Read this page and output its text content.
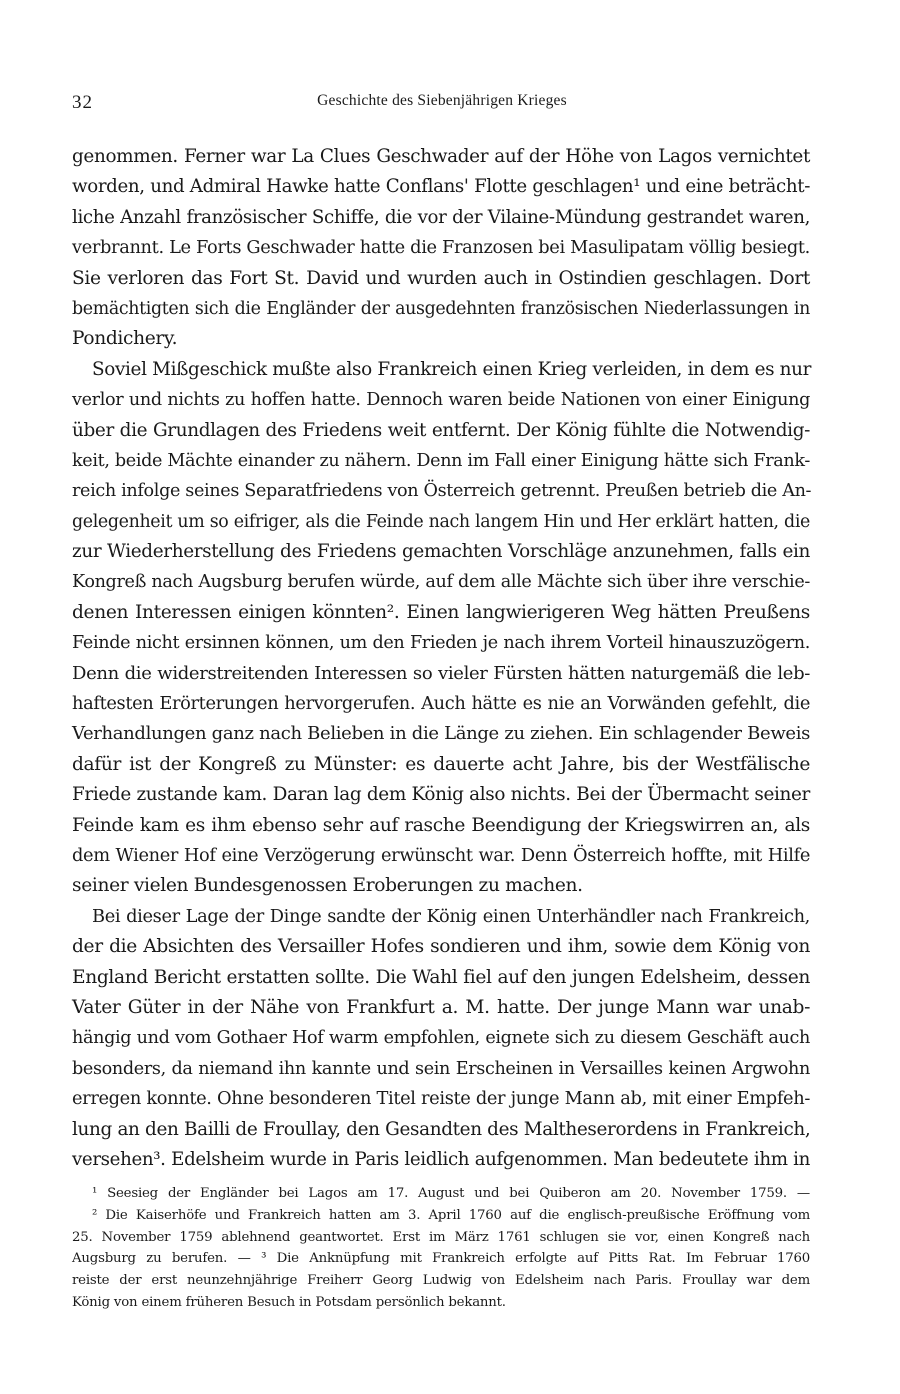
32	Geschichte des Siebenjährigen Krieges
genommen. Ferner war La Clues Geschwader auf der Höhe von Lagos vernichtet
worden, und Admiral Hawke hatte Conflans' Flotte geschlagen¹ und eine beträcht-
liche Anzahl französischer Schiffe, die vor der Vilaine-Mündung gestrandet waren,
verbrannt. Le Forts Geschwader hatte die Franzosen bei Masulipatam völlig besiegt.
Sie verloren das Fort St. David und wurden auch in Ostindien geschlagen. Dort
bemächtigten sich die Engländer der ausgedehnten französischen Niederlassungen in
Pondichery.
Soviel Mißgeschick mußte also Frankreich einen Krieg verleiden, in dem es nur
verlor und nichts zu hoffen hatte. Dennoch waren beide Nationen von einer Einigung
über die Grundlagen des Friedens weit entfernt. Der König fühlte die Notwendig-
keit, beide Mächte einander zu nähern. Denn im Fall einer Einigung hätte sich Frank-
reich infolge seines Separatfriedens von Österreich getrennt. Preußen betrieb die An-
gelegenheit um so eifriger, als die Feinde nach langem Hin und Her erklärt hatten, die
zur Wiederherstellung des Friedens gemachten Vorschläge anzunehmen, falls ein
Kongreß nach Augsburg berufen würde, auf dem alle Mächte sich über ihre verschie-
denen Interessen einigen könnten². Einen langwierigeren Weg hätten Preußens
Feinde nicht ersinnen können, um den Frieden je nach ihrem Vorteil hinauszuzögern.
Denn die widerstreitenden Interessen so vieler Fürsten hätten naturgemäß die leb-
haftesten Erörterungen hervorgerufen. Auch hätte es nie an Vorwänden gefehlt, die
Verhandlungen ganz nach Belieben in die Länge zu ziehen. Ein schlagender Beweis
dafür ist der Kongreß zu Münster: es dauerte acht Jahre, bis der Westfälische
Friede zustande kam. Daran lag dem König also nichts. Bei der Übermacht seiner
Feinde kam es ihm ebenso sehr auf rasche Beendigung der Kriegswirren an, als
dem Wiener Hof eine Verzögerung erwünscht war. Denn Österreich hoffte, mit Hilfe
seiner vielen Bundesgenossen Eroberungen zu machen.
Bei dieser Lage der Dinge sandte der König einen Unterhändler nach Frankreich,
der die Absichten des Versailler Hofes sondieren und ihm, sowie dem König von
England Bericht erstatten sollte. Die Wahl fiel auf den jungen Edelsheim, dessen
Vater Güter in der Nähe von Frankfurt a. M. hatte. Der junge Mann war unab-
hängig und vom Gothaer Hof warm empfohlen, eignete sich zu diesem Geschäft auch
besonders, da niemand ihn kannte und sein Erscheinen in Versailles keinen Argwohn
erregen konnte. Ohne besonderen Titel reiste der junge Mann ab, mit einer Empfeh-
lung an den Bailli de Froullay, den Gesandten des Maltheserordens in Frankreich,
versehen³. Edelsheim wurde in Paris leidlich aufgenommen. Man bedeutete ihm in
¹ Seesieg der Engländer bei Lagos am 17. August und bei Quiberon am 20. November 1759. —
² Die Kaiserhöfe und Frankreich hatten am 3. April 1760 auf die englisch-preußische Eröffnung vom
25. November 1759 ablehnend geantwortet. Erst im März 1761 schlugen sie vor, einen Kongreß nach
Augsburg zu berufen. — ³ Die Anknüpfung mit Frankreich erfolgte auf Pitts Rat. Im Februar 1760
reiste der erst neunzehnjährige Freiherr Georg Ludwig von Edelsheim nach Paris. Froullay war dem
König von einem früheren Besuch in Potsdam persönlich bekannt.
